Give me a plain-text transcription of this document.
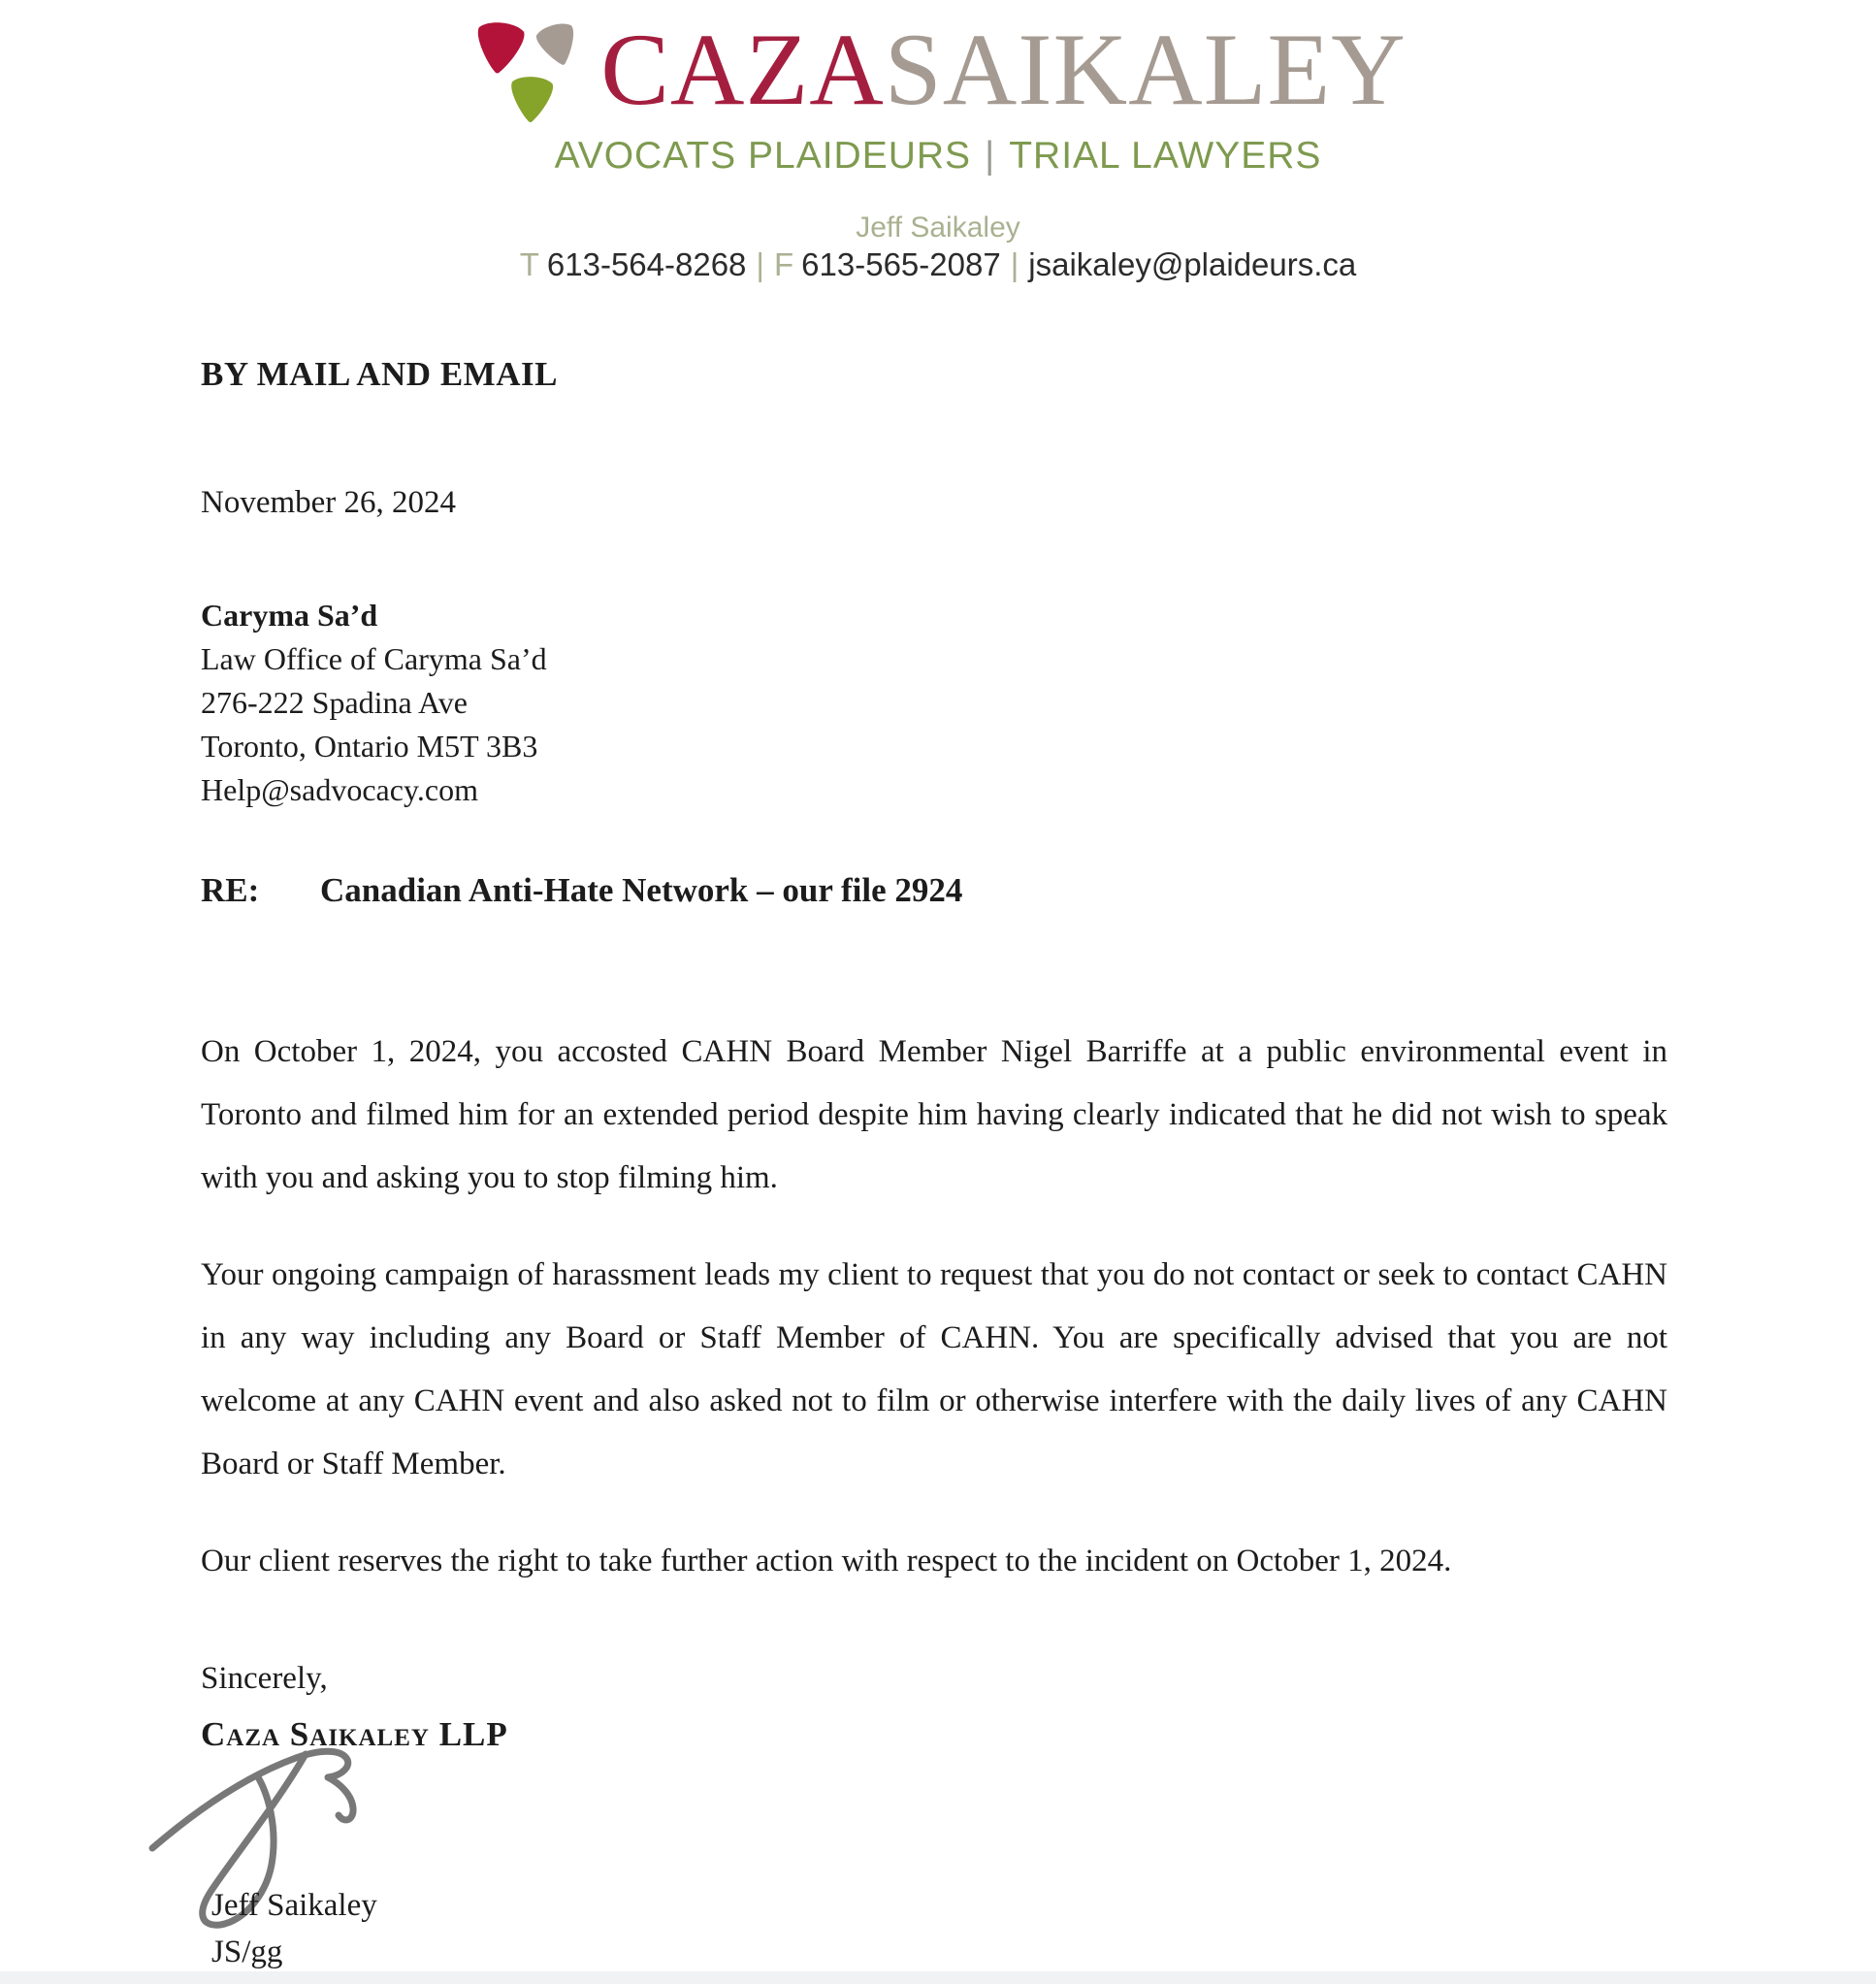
CAZASAIKALEY
AVOCATS PLAIDEURS | TRIAL LAWYERS
Jeff Saikaley
T 613-564-8268 | F 613-565-2087 | jsaikaley@plaideurs.ca
BY MAIL AND EMAIL
November 26, 2024
Caryma Sa’d
Law Office of Caryma Sa’d
276-222 Spadina Ave
Toronto, Ontario M5T 3B3
Help@sadvocacy.com
RE:	Canadian Anti-Hate Network – our file 2924

On October 1, 2024, you accosted CAHN Board Member Nigel Barriffe at a public environmental event in Toronto and filmed him for an extended period despite him having clearly indicated that he did not wish to speak with you and asking you to stop filming him.

Your ongoing campaign of harassment leads my client to request that you do not contact or seek to contact CAHN in any way including any Board or Staff Member of CAHN. You are specifically advised that you are not welcome at any CAHN event and also asked not to film or otherwise interfere with the daily lives of any CAHN Board or Staff Member.

Our client reserves the right to take further action with respect to the incident on October 1, 2024.

Sincerely,
Caza Saikaley LLP
Jeff Saikaley
JS/gg
